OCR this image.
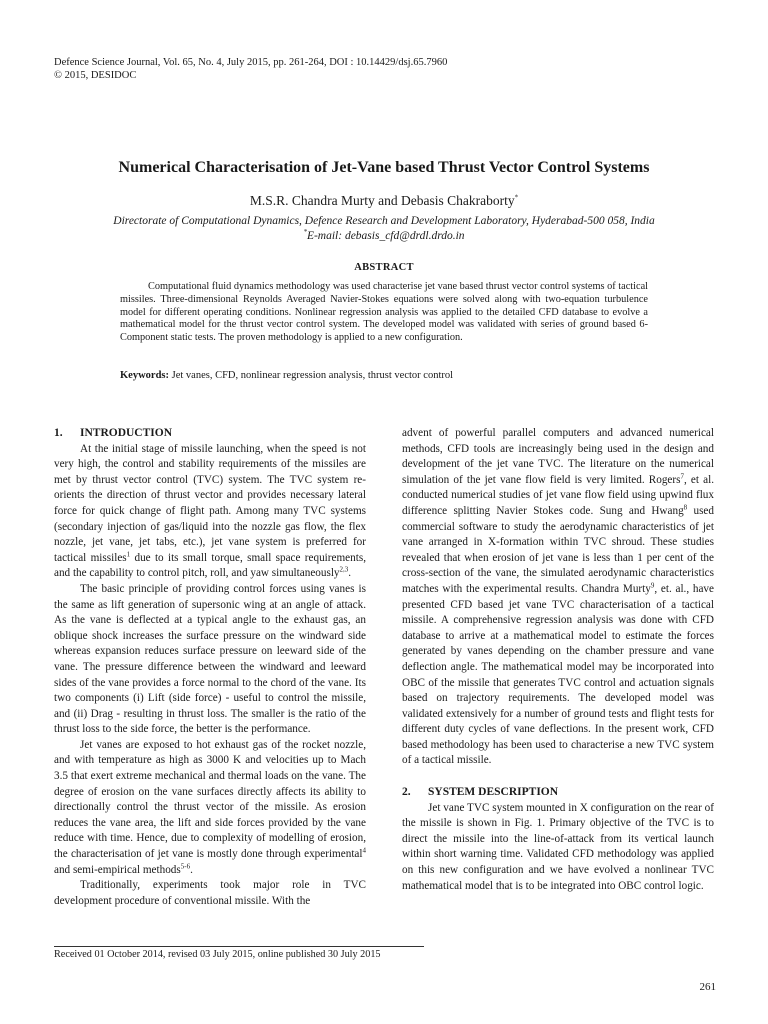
Defence Science Journal, Vol. 65, No. 4, July 2015, pp. 261-264, DOI : 10.14429/dsj.65.7960
© 2015, DESIDOC
Numerical Characterisation of Jet-Vane based Thrust Vector Control Systems
M.S.R. Chandra Murty and Debasis Chakraborty*
Directorate of Computational Dynamics, Defence Research and Development Laboratory, Hyderabad-500 058, India
*E-mail: debasis_cfd@drdl.drdo.in
ABSTRACT
Computational fluid dynamics methodology was used characterise jet vane based thrust vector control systems of tactical missiles. Three-dimensional Reynolds Averaged Navier-Stokes equations were solved along with two-equation turbulence model for different operating conditions. Nonlinear regression analysis was applied to the detailed CFD database to evolve a mathematical model for the thrust vector control system. The developed model was validated with series of ground based 6-Component static tests. The proven methodology is applied to a new configuration.
Keywords: Jet vanes, CFD, nonlinear regression analysis, thrust vector control
1. INTRODUCTION

At the initial stage of missile launching, when the speed is not very high, the control and stability requirements of the missiles are met by thrust vector control (TVC) system. The TVC system re-orients the direction of thrust vector and provides necessary lateral force for quick change of flight path. Among many TVC systems (secondary injection of gas/liquid into the nozzle gas flow, the flex nozzle, jet vane, jet tabs, etc.), jet vane system is preferred for tactical missiles$^1$ due to its small torque, small space requirements, and the capability to control pitch, roll, and yaw simultaneously$^{2,3}$.

The basic principle of providing control forces using vanes is the same as lift generation of supersonic wing at an angle of attack. As the vane is deflected at a typical angle to the exhaust gas, an oblique shock increases the surface pressure on the windward side whereas expansion reduces surface pressure on leeward side of the vane. The pressure difference between the windward and leeward sides of the vane provides a force normal to the chord of the vane. Its two components (i) Lift (side force) - useful to control the missile, and (ii) Drag - resulting in thrust loss. The smaller is the ratio of the thrust loss to the side force, the better is the performance.

Jet vanes are exposed to hot exhaust gas of the rocket nozzle, and with temperature as high as 3000 K and velocities up to Mach 3.5 that exert extreme mechanical and thermal loads on the vane. The degree of erosion on the vane surfaces directly affects its ability to directionally control the thrust vector of the missile. As erosion reduces the vane area, the lift and side forces provided by the vane reduce with time. Hence, due to complexity of modelling of erosion, the characterisation of jet vane is mostly done through experimental$^4$ and semi-empirical methods$^{5-6}$.

Traditionally, experiments took major role in TVC development procedure of conventional missile. With the

advent of powerful parallel computers and advanced numerical methods, CFD tools are increasingly being used in the design and development of the jet vane TVC. The literature on the numerical simulation of the jet vane flow field is very limited. Rogers$^7$, et al. conducted numerical studies of jet vane flow field using upwind flux difference splitting Navier Stokes code. Sung and Hwang$^8$ used commercial software to study the aerodynamic characteristics of jet vane arranged in X-formation within TVC shroud. These studies revealed that when erosion of jet vane is less than 1 per cent of the cross-section of the vane, the simulated aerodynamic characteristics matches with the experimental results. Chandra Murty$^9$, et. al., have presented CFD based jet vane TVC characterisation of a tactical missile. A comprehensive regression analysis was done with CFD database to arrive at a mathematical model to estimate the forces generated by vanes depending on the chamber pressure and vane deflection angle. The mathematical model may be incorporated into OBC of the missile that generates TVC control and actuation signals based on trajectory requirements. The developed model was validated extensively for a number of ground tests and flight tests for different duty cycles of vane deflections. In the present work, CFD based methodology has been used to characterise a new TVC system of a tactical missile.

2. SYSTEM DESCRIPTION

Jet vane TVC system mounted in X configuration on the rear of the missile is shown in Fig. 1. Primary objective of the TVC is to direct the missile into the line-of-attack from its vertical launch within short warning time. Validated CFD methodology was applied on this new configuration and we have evolved a nonlinear TVC mathematical model that is to be integrated into OBC control logic.

Received 01 October 2014, revised 03 July 2015, online published 30 July 2015
261
